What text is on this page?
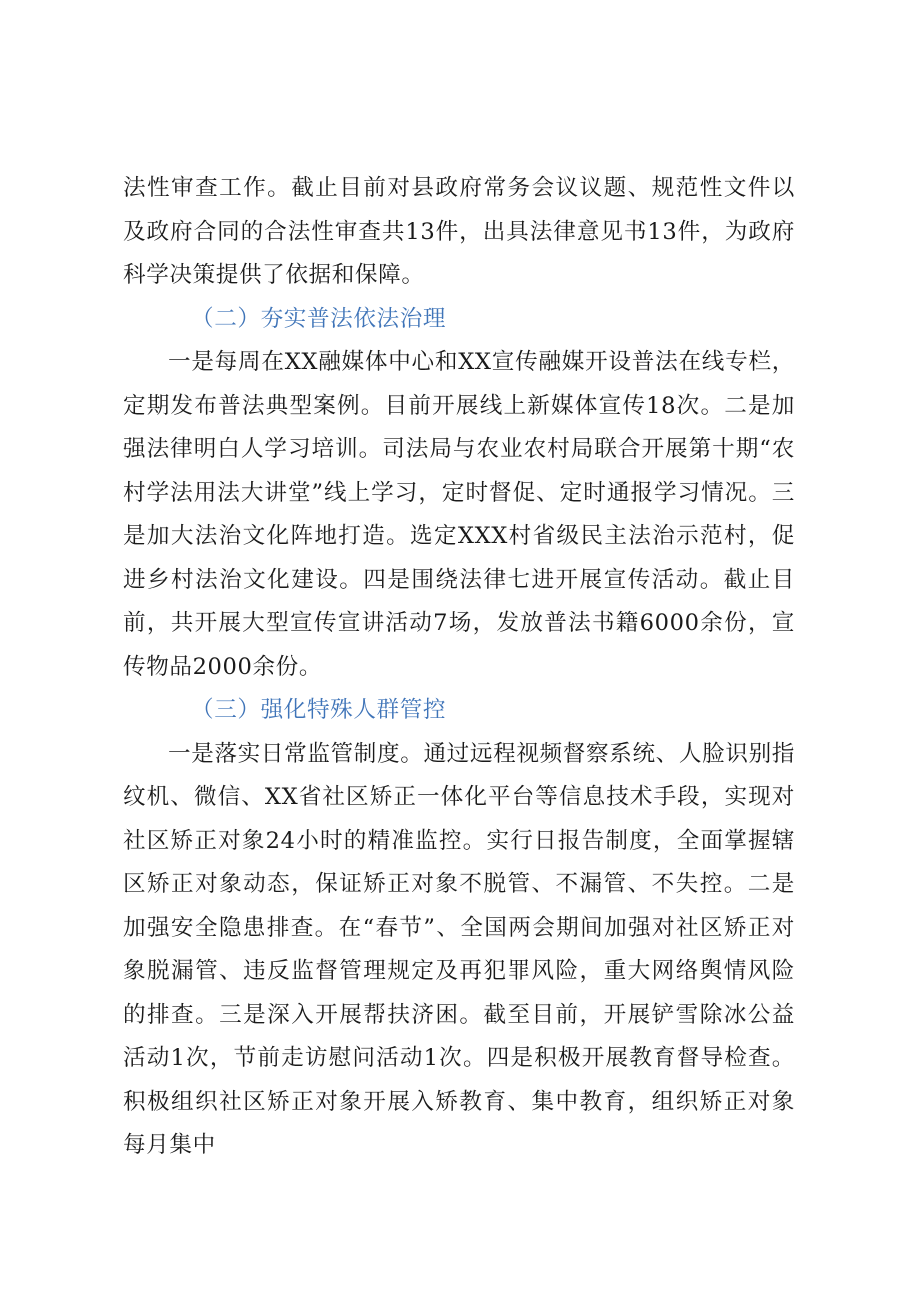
法性审查工作。截止目前对县政府常务会议议题、规范性文件以及政府合同的合法性审查共13件，出具法律意见书13件，为政府科学决策提供了依据和保障。

（二）夯实普法依法治理

一是每周在XX融媒体中心和XX宣传融媒开设普法在线专栏，定期发布普法典型案例。目前开展线上新媒体宣传18次。二是加强法律明白人学习培训。司法局与农业农村局联合开展第十期“农村学法用法大讲堂”线上学习，定时督促、定时通报学习情况。三是加大法治文化阵地打造。选定XXX村省级民主法治示范村，促进乡村法治文化建设。四是围绕法律七进开展宣传活动。截止目前，共开展大型宣传宣讲活动7场，发放普法书籍6000余份，宣传物品2000余份。

（三）强化特殊人群管控

一是落实日常监管制度。通过远程视频督察系统、人脸识别指纹机、微信、XX省社区矫正一体化平台等信息技术手段，实现对社区矫正对象24小时的精准监控。实行日报告制度，全面掌握辖区矫正对象动态，保证矫正对象不脱管、不漏管、不失控。二是加强安全隐患排查。在“春节”、全国两会期间加强对社区矫正对象脱漏管、违反监督管理规定及再犯罪风险，重大网络舆情风险的排查。三是深入开展帮扶济困。截至目前，开展铲雪除冰公益活动1次，节前走访慰问活动1次。四是积极开展教育督导检查。积极组织社区矫正对象开展入矫教育、集中教育，组织矫正对象每月集中
